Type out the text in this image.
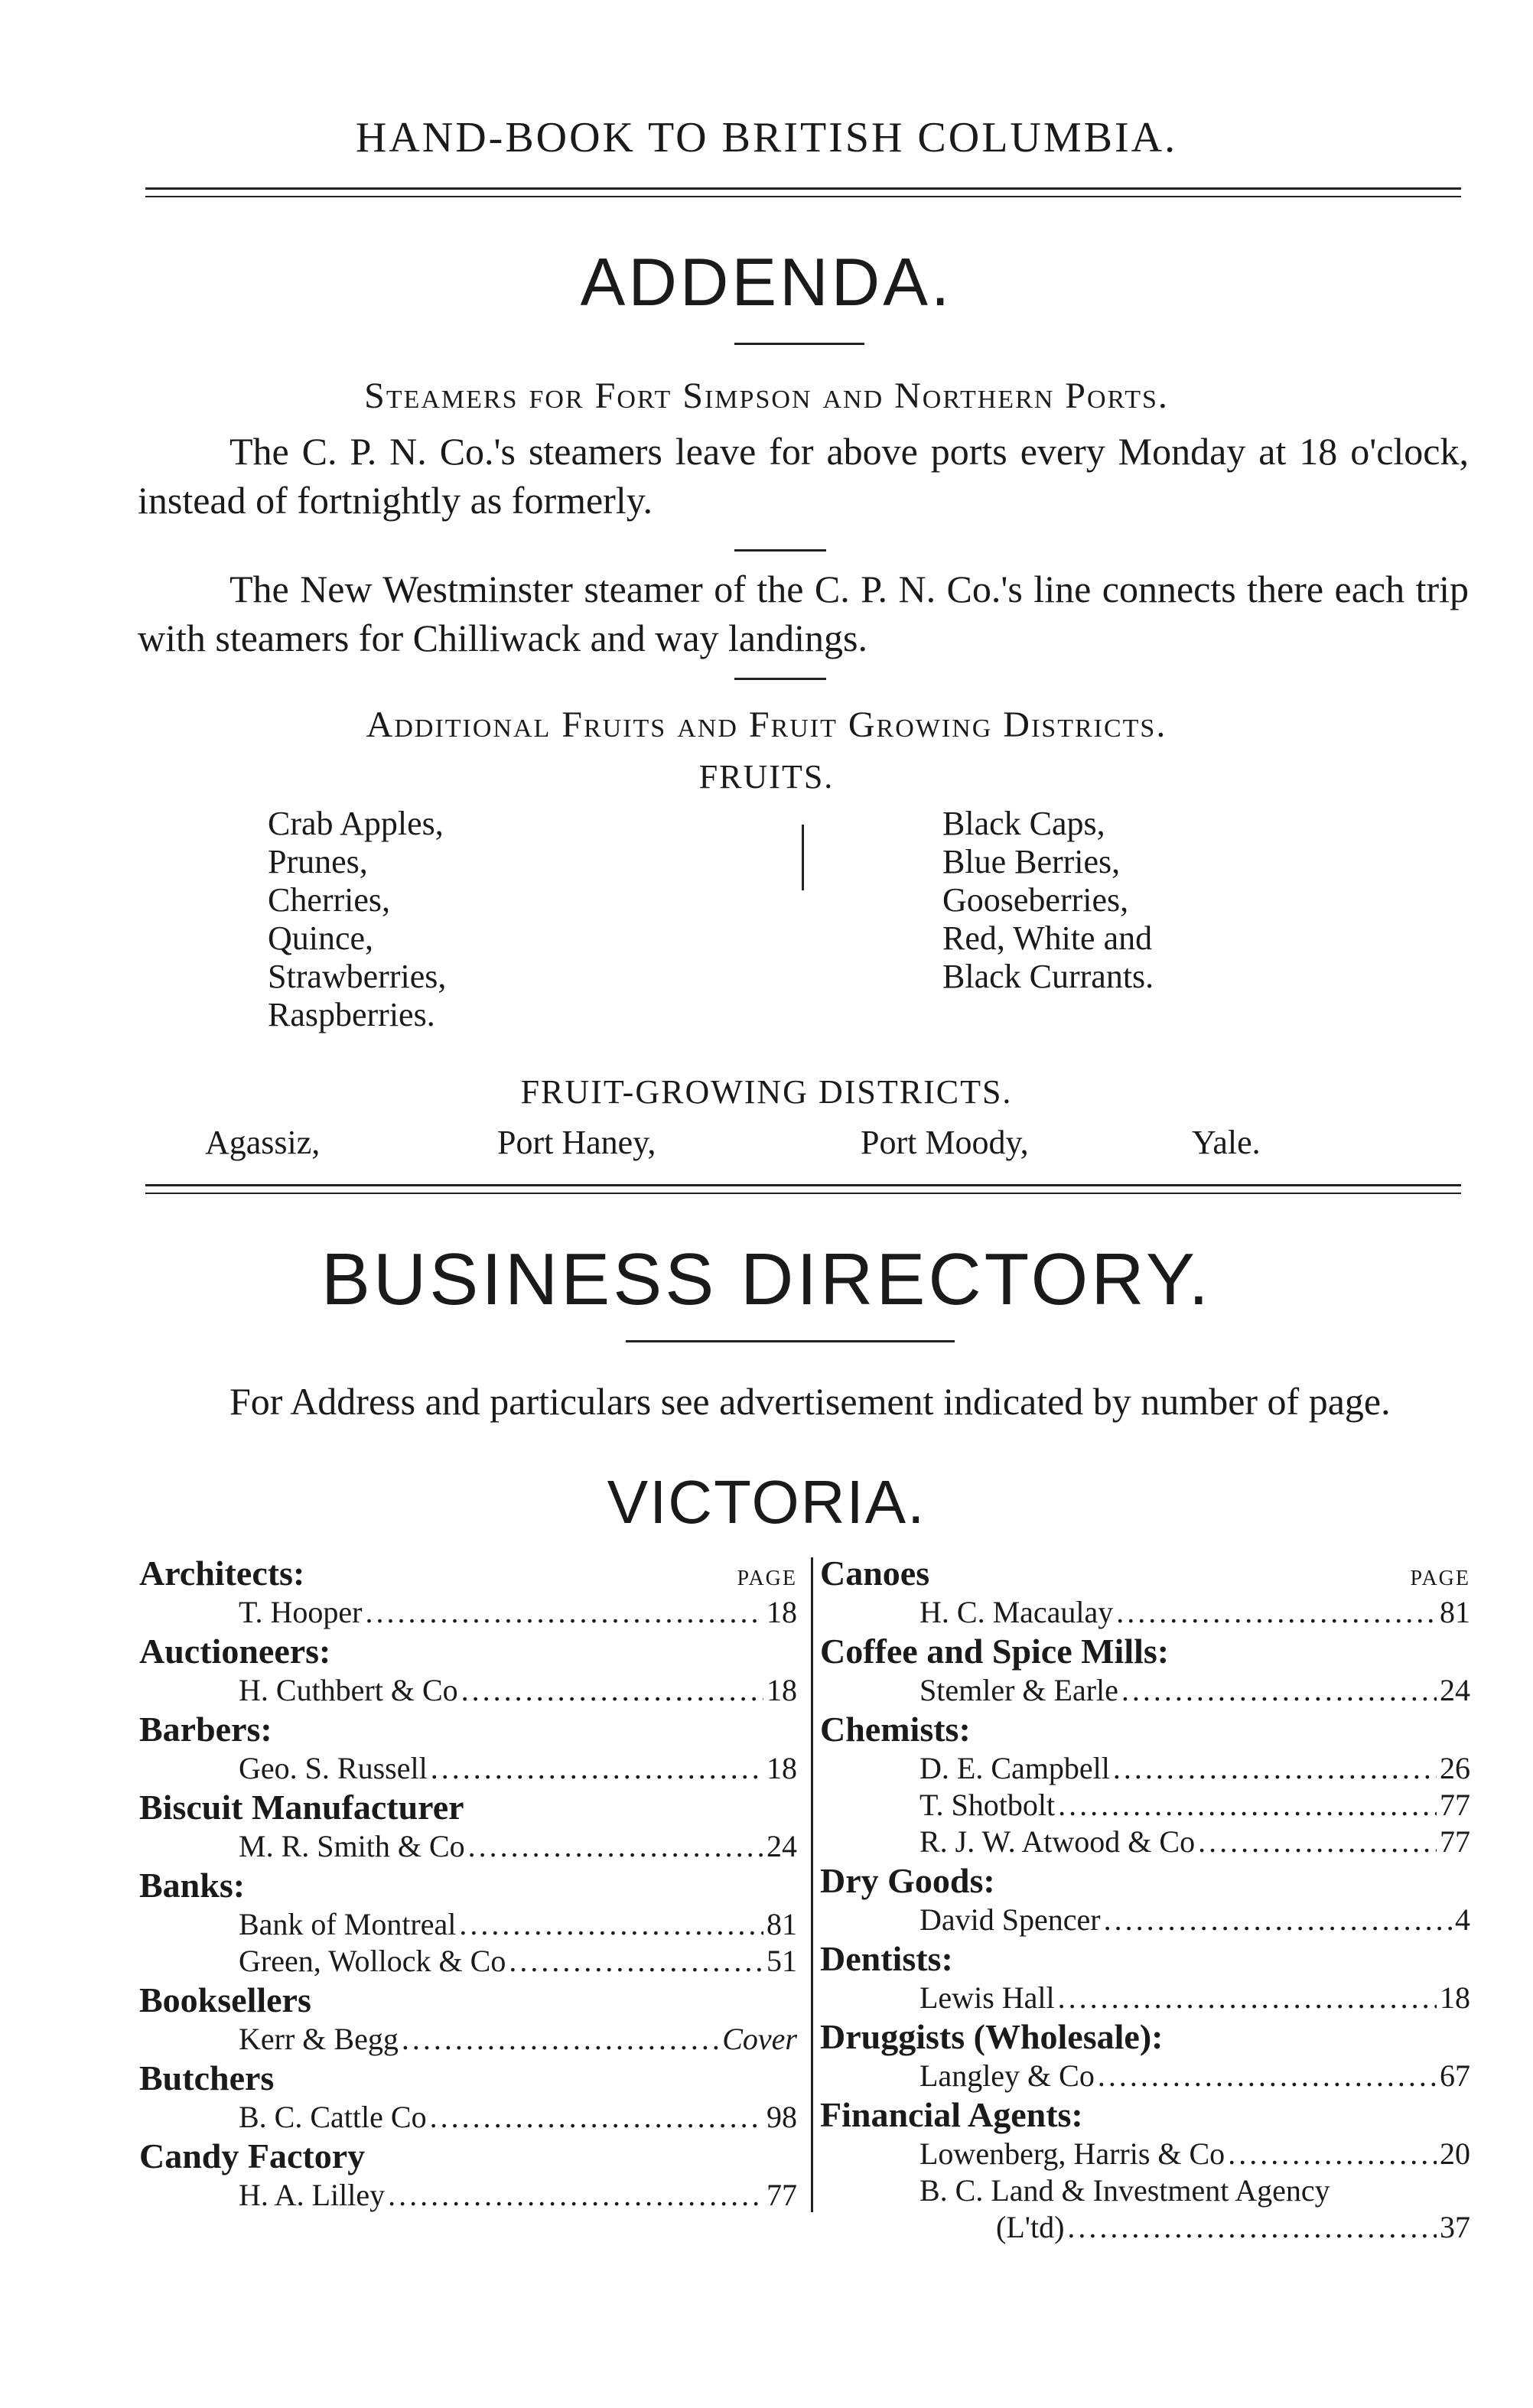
HAND-BOOK TO BRITISH COLUMBIA.
ADDENDA.
Steamers for Fort Simpson and Northern Ports.
The C. P. N. Co.'s steamers leave for above ports every Monday at 18 o'clock, instead of fortnightly as formerly.
The New Westminster steamer of the C. P. N. Co.'s line connects there each trip with steamers for Chilliwack and way landings.
Additional Fruits and Fruit Growing Districts.
FRUITS.
Crab Apples,
Prunes,
Cherries,
Quince,
Strawberries,
Raspberries.
Black Caps,
Blue Berries,
Gooseberries,
Red, White and
Black Currants.
FRUIT-GROWING DISTRICTS.
Agassiz,	Port Haney,	Port Moody,	Yale.
BUSINESS DIRECTORY.
For Address and particulars see advertisement indicated by number of page.
VICTORIA.
Architects:	PAGE
T. Hooper .....	18
Auctioneers:
H. Cuthbert & Co .....	18
Barbers:
Geo. S. Russell .....	18
Biscuit Manufacturer
M. R. Smith & Co .....	24
Banks:
Bank of Montreal .....	81
Green, Wollock & Co .....	51
Booksellers
Kerr & Begg .....	Cover
Butchers
B. C. Cattle Co .....	98
Candy Factory
H. A. Lilley .....	77
Canoes	PAGE
H. C. Macaulay .....	81
Coffee and Spice Mills:
Stemler & Earle .....	24
Chemists:
D. E. Campbell .....	26
T. Shotbolt .....	77
R. J. W. Atwood & Co .....	77
Dry Goods:
David Spencer .....	4
Dentists:
Lewis Hall .....	18
Druggists (Wholesale):
Langley & Co .....	67
Financial Agents:
Lowenberg, Harris & Co .....	20
B. C. Land & Investment Agency
(L'td) .....	37
